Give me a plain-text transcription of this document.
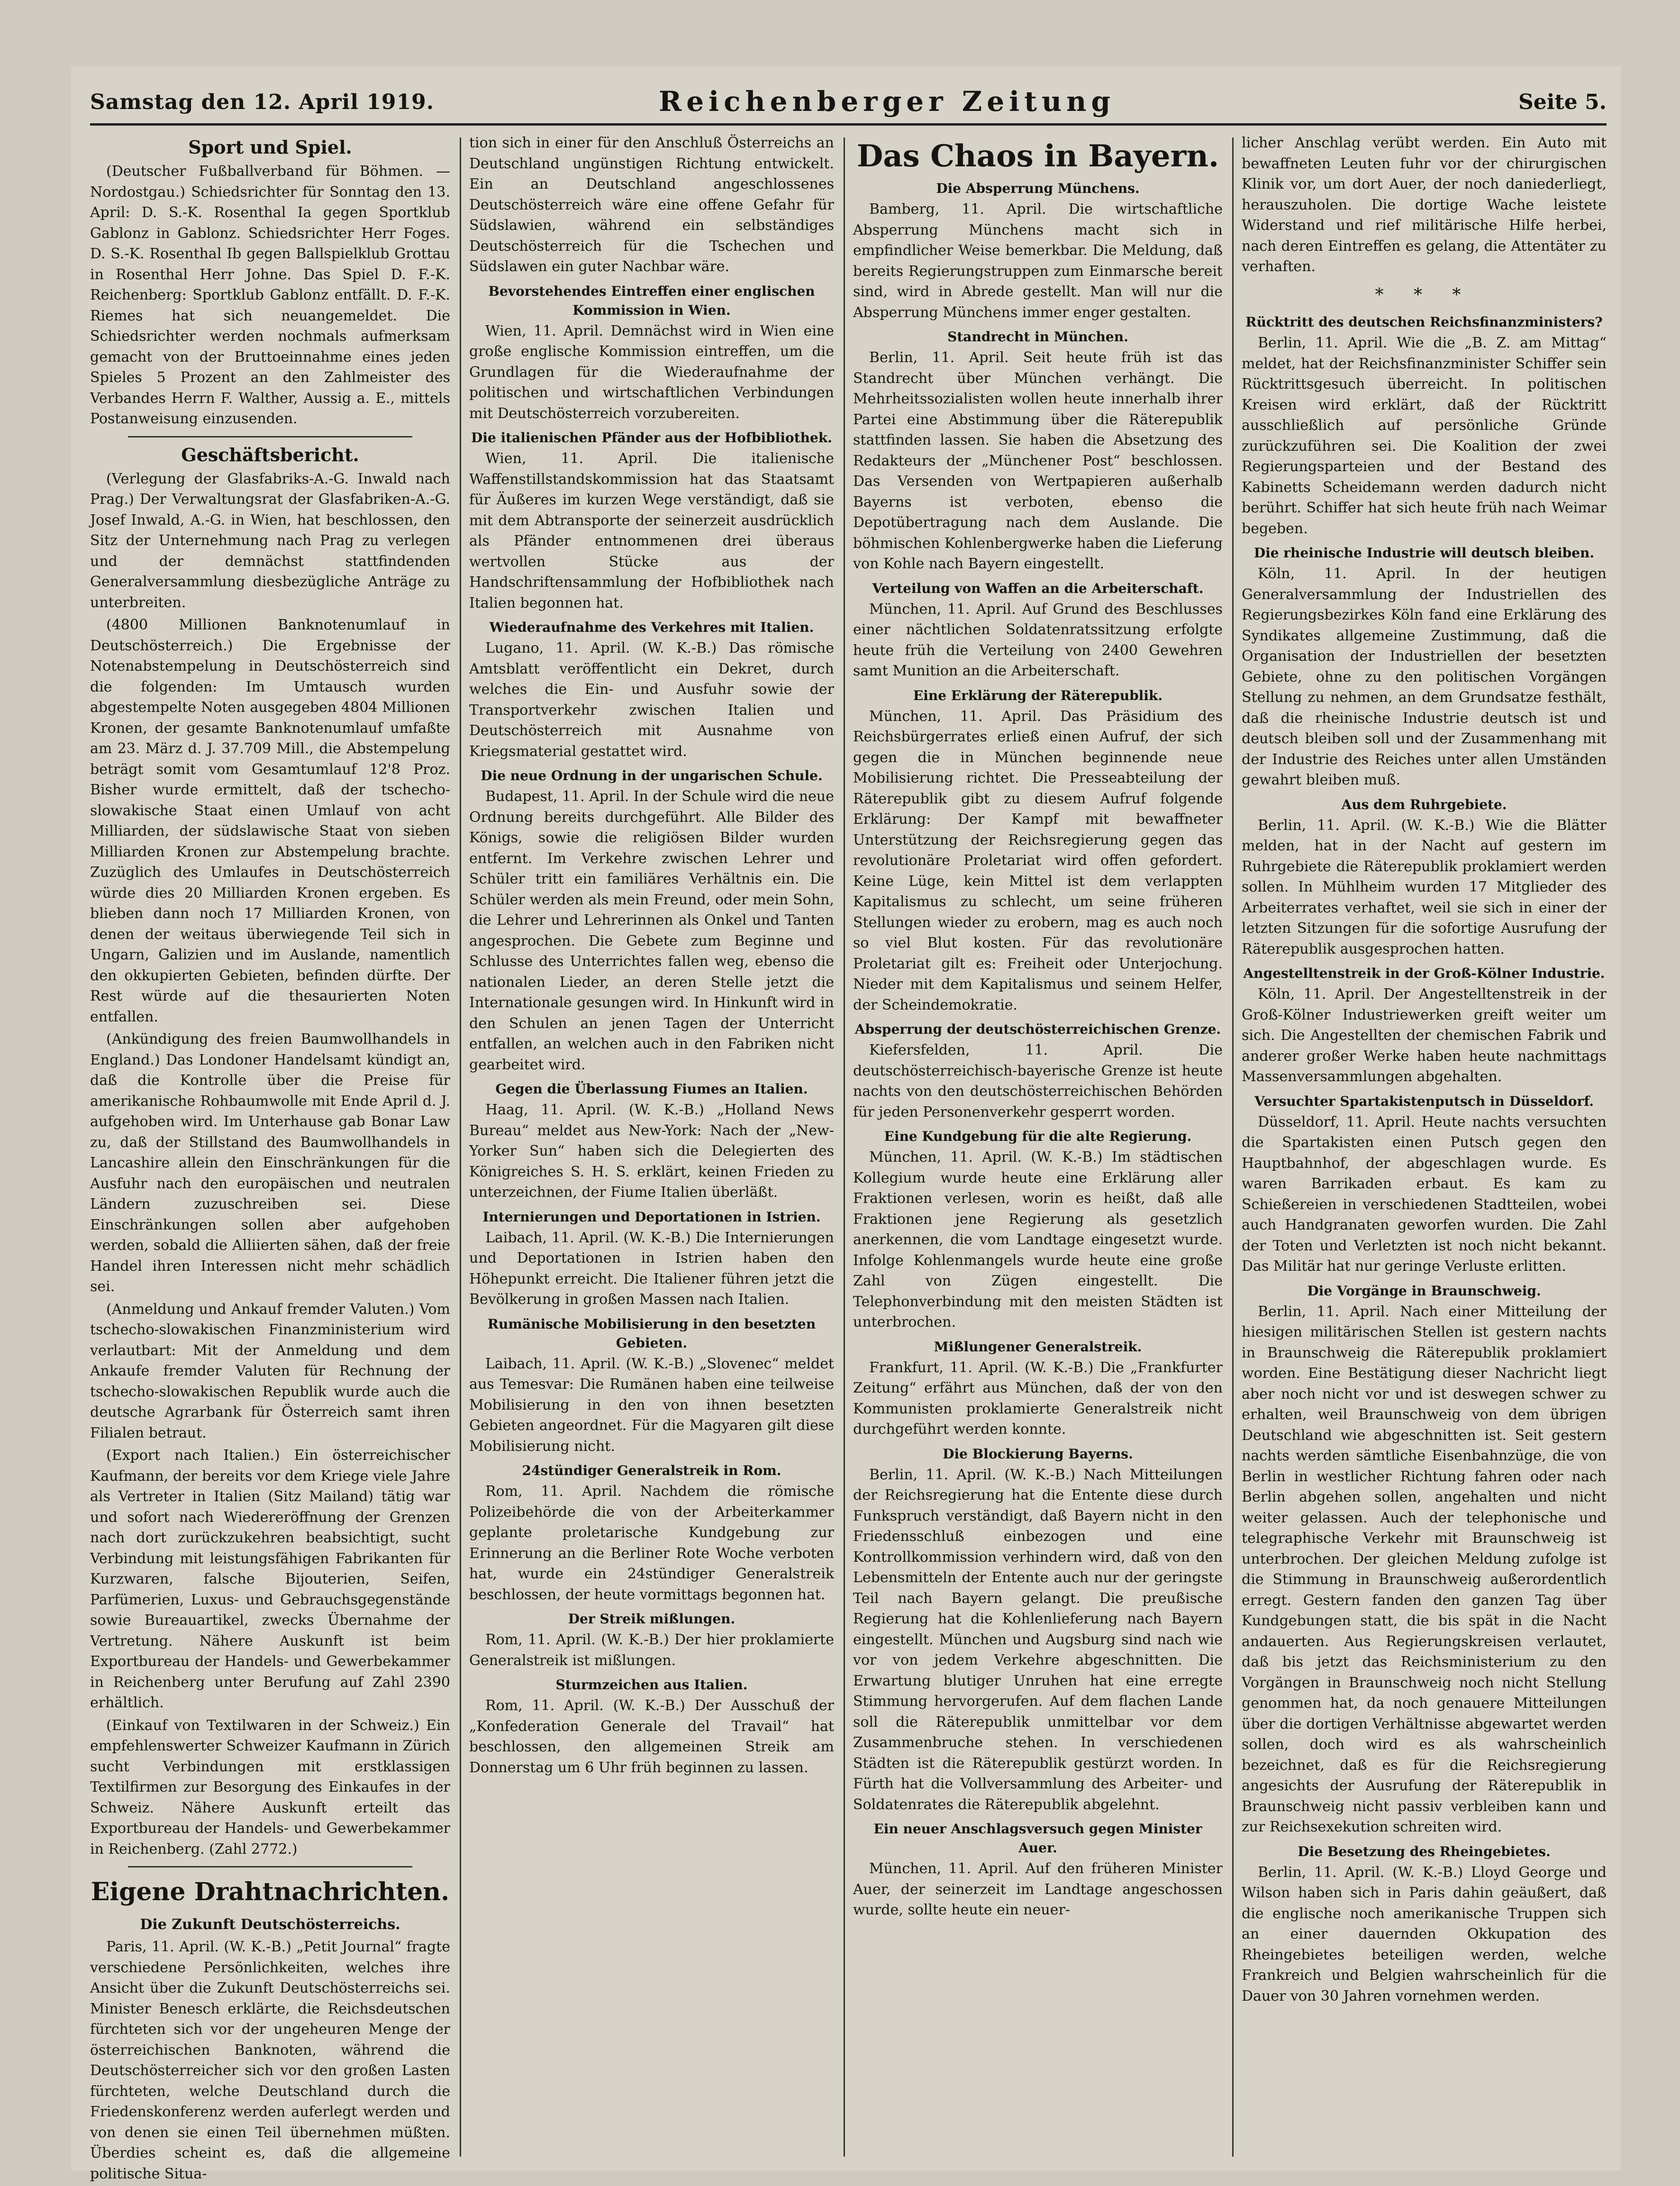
Samstag den 12. April 1919.	Reichenberger Zeitung	Seite 5.
Sport und Spiel.

(Deutscher Fußballverband für Böhmen. — Nordostgau.) Schiedsrichter für Sonntag den 13. April: D. S.-K. Rosenthal Ia gegen Sportklub Gablonz in Gablonz. Schiedsrichter Herr Foges. D. S.-K. Rosenthal Ib gegen Ballspielklub Grottau in Rosenthal Herr Johne. Das Spiel D. F.-K. Reichenberg: Sportklub Gablonz entfällt. D. F.-K. Riemes hat sich neuangemeldet. Die Schiedsrichter werden nochmals aufmerksam gemacht von der Bruttoeinnahme eines jeden Spieles 5 Prozent an den Zahlmeister des Verbandes Herrn F. Walther, Aussig a. E., mittels Postanweisung einzusenden.

Geschäftsbericht.

(Verlegung der Glasfabriks-A.-G. Inwald nach Prag.) Der Verwaltungsrat der Glasfabriken-A.-G. Josef Inwald, A.-G. in Wien, hat beschlossen, den Sitz der Unternehmung nach Prag zu verlegen und der demnächst stattfindenden Generalversammlung diesbezügliche Anträge zu unterbreiten.

(4800 Millionen Banknotenumlauf in Deutschösterreich.) Die Ergebnisse der Notenabstempelung in Deutschösterreich sind die folgenden: Im Umtausch wurden abgestempelte Noten ausgegeben 4804 Millionen Kronen, der gesamte Banknotenumlauf umfaßte am 23. März d. J. 37.709 Mill., die Abstempelung beträgt somit vom Gesamtumlauf 12'8 Proz. Bisher wurde ermittelt, daß der tschecho-slowakische Staat einen Umlauf von acht Milliarden, der südslawische Staat von sieben Milliarden Kronen zur Abstempelung brachte. Zuzüglich des Umlaufes in Deutschösterreich würde dies 20 Milliarden Kronen ergeben. Es blieben dann noch 17 Milliarden Kronen, von denen der weitaus überwiegende Teil sich in Ungarn, Galizien und im Auslande, namentlich den okkupierten Gebieten, befinden dürfte. Der Rest würde auf die thesaurierten Noten entfallen.

(Ankündigung des freien Baumwollhandels in England.) Das Londoner Handelsamt kündigt an, daß die Kontrolle über die Preise für amerikanische Rohbaumwolle mit Ende April d. J. aufgehoben wird. Im Unterhause gab Bonar Law zu, daß der Stillstand des Baumwollhandels in Lancashire allein den Einschränkungen für die Ausfuhr nach den europäischen und neutralen Ländern zuzuschreiben sei. Diese Einschränkungen sollen aber aufgehoben werden, sobald die Alliierten sähen, daß der freie Handel ihren Interessen nicht mehr schädlich sei.

(Anmeldung und Ankauf fremder Valuten.) Vom tschecho-slowakischen Finanzministerium wird verlautbart: Mit der Anmeldung und dem Ankaufe fremder Valuten für Rechnung der tschecho-slowakischen Republik wurde auch die deutsche Agrarbank für Österreich samt ihren Filialen betraut.

(Export nach Italien.) Ein österreichischer Kaufmann, der bereits vor dem Kriege viele Jahre als Vertreter in Italien (Sitz Mailand) tätig war und sofort nach Wiedereröffnung der Grenzen nach dort zurückzukehren beabsichtigt, sucht Verbindung mit leistungsfähigen Fabrikanten für Kurzwaren, falsche Bijouterien, Seifen, Parfümerien, Luxus- und Gebrauchsgegenstände sowie Bureauartikel, zwecks Übernahme der Vertretung. Nähere Auskunft ist beim Exportbureau der Handels- und Gewerbekammer in Reichenberg unter Berufung auf Zahl 2390 erhältlich.

(Einkauf von Textilwaren in der Schweiz.) Ein empfehlenswerter Schweizer Kaufmann in Zürich sucht Verbindungen mit erstklassigen Textilfirmen zur Besorgung des Einkaufes in der Schweiz. Nähere Auskunft erteilt das Exportbureau der Handels- und Gewerbekammer in Reichenberg. (Zahl 2772.)

Eigene Drahtnachrichten.
Die Zukunft Deutschösterreichs.

Paris, 11. April. (W. K.-B.) „Petit Journal“ fragte verschiedene Persönlichkeiten, welches ihre Ansicht über die Zukunft Deutschösterreichs sei. Minister Benesch erklärte, die Reichsdeutschen fürchteten sich vor der ungeheuren Menge der österreichischen Banknoten, während die Deutschösterreicher sich vor den großen Lasten fürchteten, welche Deutschland durch die Friedenskonferenz werden auferlegt werden und von denen sie einen Teil übernehmen müßten. Überdies scheint es, daß die allgemeine politische Situa-

tion sich in einer für den Anschluß Österreichs an Deutschland ungünstigen Richtung entwickelt. Ein an Deutschland angeschlossenes Deutschösterreich wäre eine offene Gefahr für Südslawien, während ein selbständiges Deutschösterreich für die Tschechen und Südslawen ein guter Nachbar wäre.

Bevorstehendes Eintreffen einer englischen Kommission in Wien.

Wien, 11. April. Demnächst wird in Wien eine große englische Kommission eintreffen, um die Grundlagen für die Wiederaufnahme der politischen und wirtschaftlichen Verbindungen mit Deutschösterreich vorzubereiten.

Die italienischen Pfänder aus der Hofbibliothek.

Wien, 11. April. Die italienische Waffenstillstandskommission hat das Staatsamt für Äußeres im kurzen Wege verständigt, daß sie mit dem Abtransporte der seinerzeit ausdrücklich als Pfänder entnommenen drei überaus wertvollen Stücke aus der Handschriftensammlung der Hofbibliothek nach Italien begonnen hat.

Wiederaufnahme des Verkehres mit Italien.

Lugano, 11. April. (W. K.-B.) Das römische Amtsblatt veröffentlicht ein Dekret, durch welches die Ein- und Ausfuhr sowie der Transportverkehr zwischen Italien und Deutschösterreich mit Ausnahme von Kriegsmaterial gestattet wird.

Die neue Ordnung in der ungarischen Schule.

Budapest, 11. April. In der Schule wird die neue Ordnung bereits durchgeführt. Alle Bilder des Königs, sowie die religiösen Bilder wurden entfernt. Im Verkehre zwischen Lehrer und Schüler tritt ein familiäres Verhältnis ein. Die Schüler werden als mein Freund, oder mein Sohn, die Lehrer und Lehrerinnen als Onkel und Tanten angesprochen. Die Gebete zum Beginne und Schlusse des Unterrichtes fallen weg, ebenso die nationalen Lieder, an deren Stelle jetzt die Internationale gesungen wird. In Hinkunft wird in den Schulen an jenen Tagen der Unterricht entfallen, an welchen auch in den Fabriken nicht gearbeitet wird.

Gegen die Überlassung Fiumes an Italien.

Haag, 11. April. (W. K.-B.) „Holland News Bureau“ meldet aus New-York: Nach der „New-Yorker Sun“ haben sich die Delegierten des Königreiches S. H. S. erklärt, keinen Frieden zu unterzeichnen, der Fiume Italien überläßt.

Internierungen und Deportationen in Istrien.

Laibach, 11. April. (W. K.-B.) Die Internierungen und Deportationen in Istrien haben den Höhepunkt erreicht. Die Italiener führen jetzt die Bevölkerung in großen Massen nach Italien.

Rumänische Mobilisierung in den besetzten Gebieten.

Laibach, 11. April. (W. K.-B.) „Slovenec“ meldet aus Temesvar: Die Rumänen haben eine teilweise Mobilisierung in den von ihnen besetzten Gebieten angeordnet. Für die Magyaren gilt diese Mobilisierung nicht.

24stündiger Generalstreik in Rom.

Rom, 11. April. Nachdem die römische Polizeibehörde die von der Arbeiterkammer geplante proletarische Kundgebung zur Erinnerung an die Berliner Rote Woche verboten hat, wurde ein 24stündiger Generalstreik beschlossen, der heute vormittags begonnen hat.

Der Streik mißlungen.

Rom, 11. April. (W. K.-B.) Der hier proklamierte Generalstreik ist mißlungen.

Sturmzeichen aus Italien.

Rom, 11. April. (W. K.-B.) Der Ausschuß der „Konfederation Generale del Travail“ hat beschlossen, den allgemeinen Streik am Donnerstag um 6 Uhr früh beginnen zu lassen.

Das Chaos in Bayern.
Die Absperrung Münchens.

Bamberg, 11. April. Die wirtschaftliche Absperrung Münchens macht sich in empfindlicher Weise bemerkbar. Die Meldung, daß bereits Regierungstruppen zum Einmarsche bereit sind, wird in Abrede gestellt. Man will nur die Absperrung Münchens immer enger gestalten.

Standrecht in München.

Berlin, 11. April. Seit heute früh ist das Standrecht über München verhängt. Die Mehrheitssozialisten wollen heute innerhalb ihrer Partei eine Abstimmung über die Räterepublik stattfinden lassen. Sie haben die Absetzung des Redakteurs der „Münchener Post“ beschlossen. Das Versenden von Wertpapieren außerhalb Bayerns ist verboten, ebenso die Depotübertragung nach dem Auslande. Die böhmischen Kohlenbergwerke haben die Lieferung von Kohle nach Bayern eingestellt.

Verteilung von Waffen an die Arbeiterschaft.

München, 11. April. Auf Grund des Beschlusses einer nächtlichen Soldatenratssitzung erfolgte heute früh die Verteilung von 2400 Gewehren samt Munition an die Arbeiterschaft.

Eine Erklärung der Räterepublik.

München, 11. April. Das Präsidium des Reichsbürgerrates erließ einen Aufruf, der sich gegen die in München beginnende neue Mobilisierung richtet. Die Presseabteilung der Räterepublik gibt zu diesem Aufruf folgende Erklärung: Der Kampf mit bewaffneter Unterstützung der Reichsregierung gegen das revolutionäre Proletariat wird offen gefordert. Keine Lüge, kein Mittel ist dem verlappten Kapitalismus zu schlecht, um seine früheren Stellungen wieder zu erobern, mag es auch noch so viel Blut kosten. Für das revolutionäre Proletariat gilt es: Freiheit oder Unterjochung. Nieder mit dem Kapitalismus und seinem Helfer, der Scheindemokratie.

Absperrung der deutschösterreichischen Grenze.

Kiefersfelden, 11. April. Die deutschösterreichisch-bayerische Grenze ist heute nachts von den deutschösterreichischen Behörden für jeden Personenverkehr gesperrt worden.

Eine Kundgebung für die alte Regierung.

München, 11. April. (W. K.-B.) Im städtischen Kollegium wurde heute eine Erklärung aller Fraktionen verlesen, worin es heißt, daß alle Fraktionen jene Regierung als gesetzlich anerkennen, die vom Landtage eingesetzt wurde. Infolge Kohlenmangels wurde heute eine große Zahl von Zügen eingestellt. Die Telephonverbindung mit den meisten Städten ist unterbrochen.

Mißlungener Generalstreik.

Frankfurt, 11. April. (W. K.-B.) Die „Frankfurter Zeitung“ erfährt aus München, daß der von den Kommunisten proklamierte Generalstreik nicht durchgeführt werden konnte.

Die Blockierung Bayerns.

Berlin, 11. April. (W. K.-B.) Nach Mitteilungen der Reichsregierung hat die Entente diese durch Funkspruch verständigt, daß Bayern nicht in den Friedensschluß einbezogen und eine Kontrollkommission verhindern wird, daß von den Lebensmitteln der Entente auch nur der geringste Teil nach Bayern gelangt. Die preußische Regierung hat die Kohlenlieferung nach Bayern eingestellt. München und Augsburg sind nach wie vor von jedem Verkehre abgeschnitten. Die Erwartung blutiger Unruhen hat eine erregte Stimmung hervorgerufen. Auf dem flachen Lande soll die Räterepublik unmittelbar vor dem Zusammenbruche stehen. In verschiedenen Städten ist die Räterepublik gestürzt worden. In Fürth hat die Vollversammlung des Arbeiter- und Soldatenrates die Räterepublik abgelehnt.

Ein neuer Anschlagsversuch gegen Minister Auer.

München, 11. April. Auf den früheren Minister Auer, der seinerzeit im Landtage angeschossen wurde, sollte heute ein neuer-

licher Anschlag verübt werden. Ein Auto mit bewaffneten Leuten fuhr vor der chirurgischen Klinik vor, um dort Auer, der noch daniederliegt, herauszuholen. Die dortige Wache leistete Widerstand und rief militärische Hilfe herbei, nach deren Eintreffen es gelang, die Attentäter zu verhaften.

* * *
Rücktritt des deutschen Reichsfinanzministers?

Berlin, 11. April. Wie die „B. Z. am Mittag“ meldet, hat der Reichsfinanzminister Schiffer sein Rücktrittsgesuch überreicht. In politischen Kreisen wird erklärt, daß der Rücktritt ausschließlich auf persönliche Gründe zurückzuführen sei. Die Koalition der zwei Regierungsparteien und der Bestand des Kabinetts Scheidemann werden dadurch nicht berührt. Schiffer hat sich heute früh nach Weimar begeben.

Die rheinische Industrie will deutsch bleiben.

Köln, 11. April. In der heutigen Generalversammlung der Industriellen des Regierungsbezirkes Köln fand eine Erklärung des Syndikates allgemeine Zustimmung, daß die Organisation der Industriellen der besetzten Gebiete, ohne zu den politischen Vorgängen Stellung zu nehmen, an dem Grundsatze festhält, daß die rheinische Industrie deutsch ist und deutsch bleiben soll und der Zusammenhang mit der Industrie des Reiches unter allen Umständen gewahrt bleiben muß.

Aus dem Ruhrgebiete.

Berlin, 11. April. (W. K.-B.) Wie die Blätter melden, hat in der Nacht auf gestern im Ruhrgebiete die Räterepublik proklamiert werden sollen. In Mühlheim wurden 17 Mitglieder des Arbeiterrates verhaftet, weil sie sich in einer der letzten Sitzungen für die sofortige Ausrufung der Räterepublik ausgesprochen hatten.

Angestelltenstreik in der Groß-Kölner Industrie.

Köln, 11. April. Der Angestelltenstreik in der Groß-Kölner Industriewerken greift weiter um sich. Die Angestellten der chemischen Fabrik und anderer großer Werke haben heute nachmittags Massenversammlungen abgehalten.

Versuchter Spartakistenputsch in Düsseldorf.

Düsseldorf, 11. April. Heute nachts versuchten die Spartakisten einen Putsch gegen den Hauptbahnhof, der abgeschlagen wurde. Es waren Barrikaden erbaut. Es kam zu Schießereien in verschiedenen Stadtteilen, wobei auch Handgranaten geworfen wurden. Die Zahl der Toten und Verletzten ist noch nicht bekannt. Das Militär hat nur geringe Verluste erlitten.

Die Vorgänge in Braunschweig.

Berlin, 11. April. Nach einer Mitteilung der hiesigen militärischen Stellen ist gestern nachts in Braunschweig die Räterepublik proklamiert worden. Eine Bestätigung dieser Nachricht liegt aber noch nicht vor und ist deswegen schwer zu erhalten, weil Braunschweig von dem übrigen Deutschland wie abgeschnitten ist. Seit gestern nachts werden sämtliche Eisenbahnzüge, die von Berlin in westlicher Richtung fahren oder nach Berlin abgehen sollen, angehalten und nicht weiter gelassen. Auch der telephonische und telegraphische Verkehr mit Braunschweig ist unterbrochen. Der gleichen Meldung zufolge ist die Stimmung in Braunschweig außerordentlich erregt. Gestern fanden den ganzen Tag über Kundgebungen statt, die bis spät in die Nacht andauerten. Aus Regierungskreisen verlautet, daß bis jetzt das Reichsministerium zu den Vorgängen in Braunschweig noch nicht Stellung genommen hat, da noch genauere Mitteilungen über die dortigen Verhältnisse abgewartet werden sollen, doch wird es als wahrscheinlich bezeichnet, daß es für die Reichsregierung angesichts der Ausrufung der Räterepublik in Braunschweig nicht passiv verbleiben kann und zur Reichsexekution schreiten wird.

Die Besetzung des Rheingebietes.

Berlin, 11. April. (W. K.-B.) Lloyd George und Wilson haben sich in Paris dahin geäußert, daß die englische noch amerikanische Truppen sich an einer dauernden Okkupation des Rheingebietes beteiligen werden, welche Frankreich und Belgien wahrscheinlich für die Dauer von 30 Jahren vornehmen werden.
